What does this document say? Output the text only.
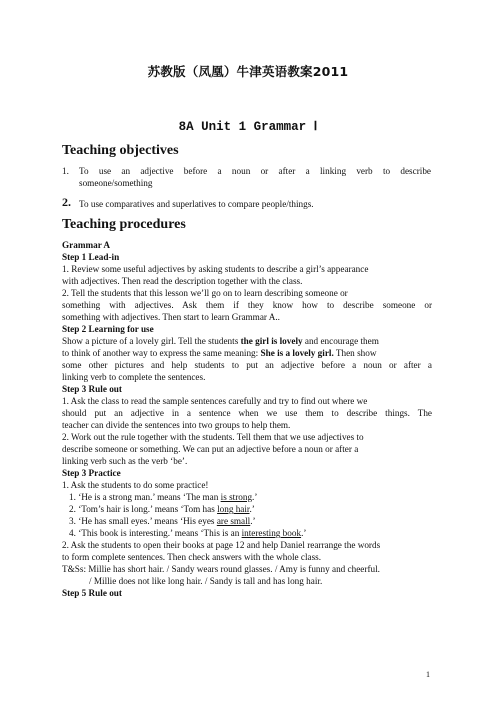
苏教版（凤凰）牛津英语教案2011
8A Unit 1 Grammar Ⅰ
Teaching objectives
1. To use an adjective before a noun or after a linking verb to describe
someone/something
2. To use comparatives and superlatives to compare people/things.
Teaching procedures
Grammar A
Step 1 Lead-in
1. Review some useful adjectives by asking students to describe a girl’s appearance
with adjectives. Then read the description together with the class.
2. Tell the students that this lesson we’ll go on to learn describing someone or
something with adjectives. Ask them if they know how to describe someone or
something with adjectives. Then start to learn Grammar A..
Step 2 Learning for use
Show a picture of a lovely girl. Tell the students the girl is lovely and encourage them
to think of another way to express the same meaning: She is a lovely girl. Then show
some other pictures and help students to put an adjective before a noun or after a
linking verb to complete the sentences.
Step 3 Rule out
1. Ask the class to read the sample sentences carefully and try to find out where we
should put an adjective in a sentence when we use them to describe things. The
teacher can divide the sentences into two groups to help them.
2. Work out the rule together with the students. Tell them that we use adjectives to
describe someone or something. We can put an adjective before a noun or after a
linking verb such as the verb ‘be’.
Step 3 Practice
1. Ask the students to do some practice!
1. ‘He is a strong man.’ means ‘The man is strong.’
2. ‘Tom’s hair is long.’ means ‘Tom has long hair.’
3. ‘He has small eyes.’ means ‘His eyes are small.’
4. ‘This book is interesting.’ means ‘This is an interesting book.’
2. Ask the students to open their books at page 12 and help Daniel rearrange the words
to form complete sentences. Then check answers with the whole class.
T&Ss: Millie has short hair. / Sandy wears round glasses. / Amy is funny and cheerful.
/ Millie does not like long hair. / Sandy is tall and has long hair.
Step 5 Rule out
1
